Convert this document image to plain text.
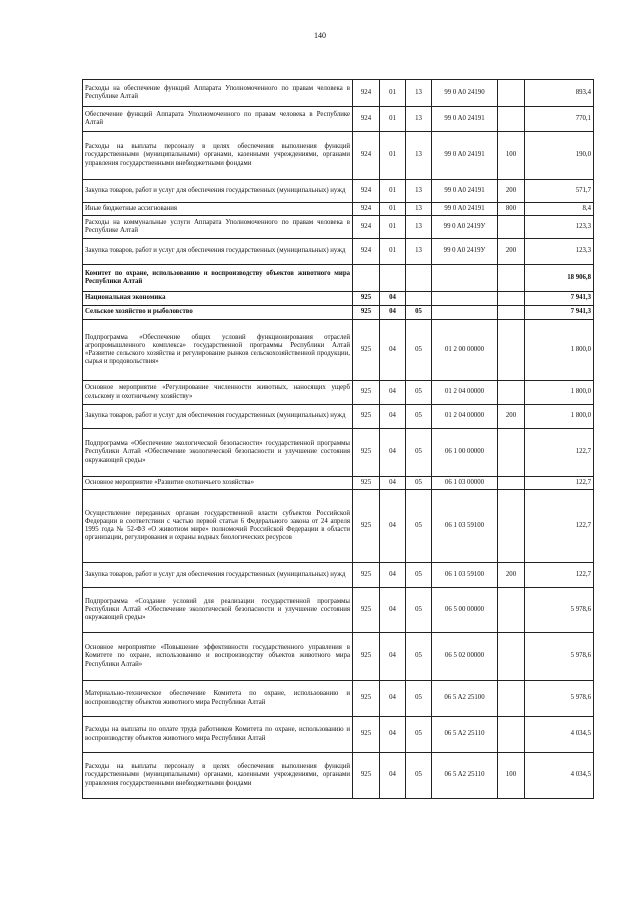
140
Расходы на обеспечение функций Аппарата Уполномоченного по правам человека в Республике Алтай	924	01	13	99 0 A0 24190		893,4
Обеспечение функций Аппарата Уполномоченного по правам человека в Республике Алтай	924	01	13	99 0 A0 24191		770,1
Расходы на выплаты персоналу в целях обеспечения выполнения функций государственными (муниципальными) органами, казенными учреждениями, органами управления государственными внебюджетными фондами	924	01	13	99 0 A0 24191	100	190,0
Закупка товаров, работ и услуг для обеспечения государственных (муниципальных) нужд	924	01	13	99 0 A0 24191	200	571,7
Иные бюджетные ассигнования	924	01	13	99 0 A0 24191	800	8,4
Расходы на коммунальные услуги Аппарата Уполномоченного по правам человека в Республике Алтай	924	01	13	99 0 A0 2419У		123,3
Закупка товаров, работ и услуг для обеспечения государственных (муниципальных) нужд	924	01	13	99 0 A0 2419У	200	123,3
Комитет по охране, использованию и воспроизводству объектов животного мира Республики Алтай						18 906,8
Национальная экономика	925	04				7 941,3
Сельское хозяйство и рыболовство	925	04	05			7 941,3
Подпрограмма «Обеспечение общих условий функционирования отраслей агропромышленного комплекса» государственной программы Республики Алтай «Развитие сельского хозяйства и регулирование рынков сельскохозяйственной продукции, сырья и продовольствия»	925	04	05	01 2 00 00000		1 800,0
Основное мероприятие «Регулирование численности животных, наносящих ущерб сельскому и охотничьему хозяйству»	925	04	05	01 2 04 00000		1 800,0
Закупка товаров, работ и услуг для обеспечения государственных (муниципальных) нужд	925	04	05	01 2 04 00000	200	1 800,0
Подпрограмма «Обеспечение экологической безопасности» государственной программы Республики Алтай «Обеспечение экологической безопасности и улучшение состояния окружающей среды»	925	04	05	06 1 00 00000		122,7
Основное мероприятие «Развитие охотничьего хозяйства»	925	04	05	06 1 03 00000		122,7
Осуществление переданных органам государственной власти субъектов Российской Федерации в соответствии с частью первой статьи 6 Федерального закона от 24 апреля 1995 года № 52-ФЗ «О животном мире» полномочий Российской Федерации в области организации, регулирования и охраны водных биологических ресурсов	925	04	05	06 1 03 59100		122,7
Закупка товаров, работ и услуг для обеспечения государственных (муниципальных) нужд	925	04	05	06 1 03 59100	200	122,7
Подпрограмма «Создание условий для реализации государственной программы Республики Алтай «Обеспечение экологической безопасности и улучшение состояния окружающей среды»	925	04	05	06 5 00 00000		5 978,6
Основное мероприятие «Повышение эффективности государственного управления в Комитете по охране, использованию и воспроизводству объектов животного мира Республики Алтай»	925	04	05	06 5 02 00000		5 978,6
Материально-техническое обеспечение Комитета по охране, использованию и воспроизводству объектов животного мира Республики Алтай	925	04	05	06 5 A2 25100		5 978,6
Расходы на выплаты по оплате труда работников Комитета по охране, использованию и воспроизводству объектов животного мира Республики Алтай	925	04	05	06 5 A2 25110		4 034,5
Расходы на выплаты персоналу в целях обеспечения выполнения функций государственными (муниципальными) органами, казенными учреждениями, органами управления государственными внебюджетными фондами	925	04	05	06 5 A2 25110	100	4 034,5
